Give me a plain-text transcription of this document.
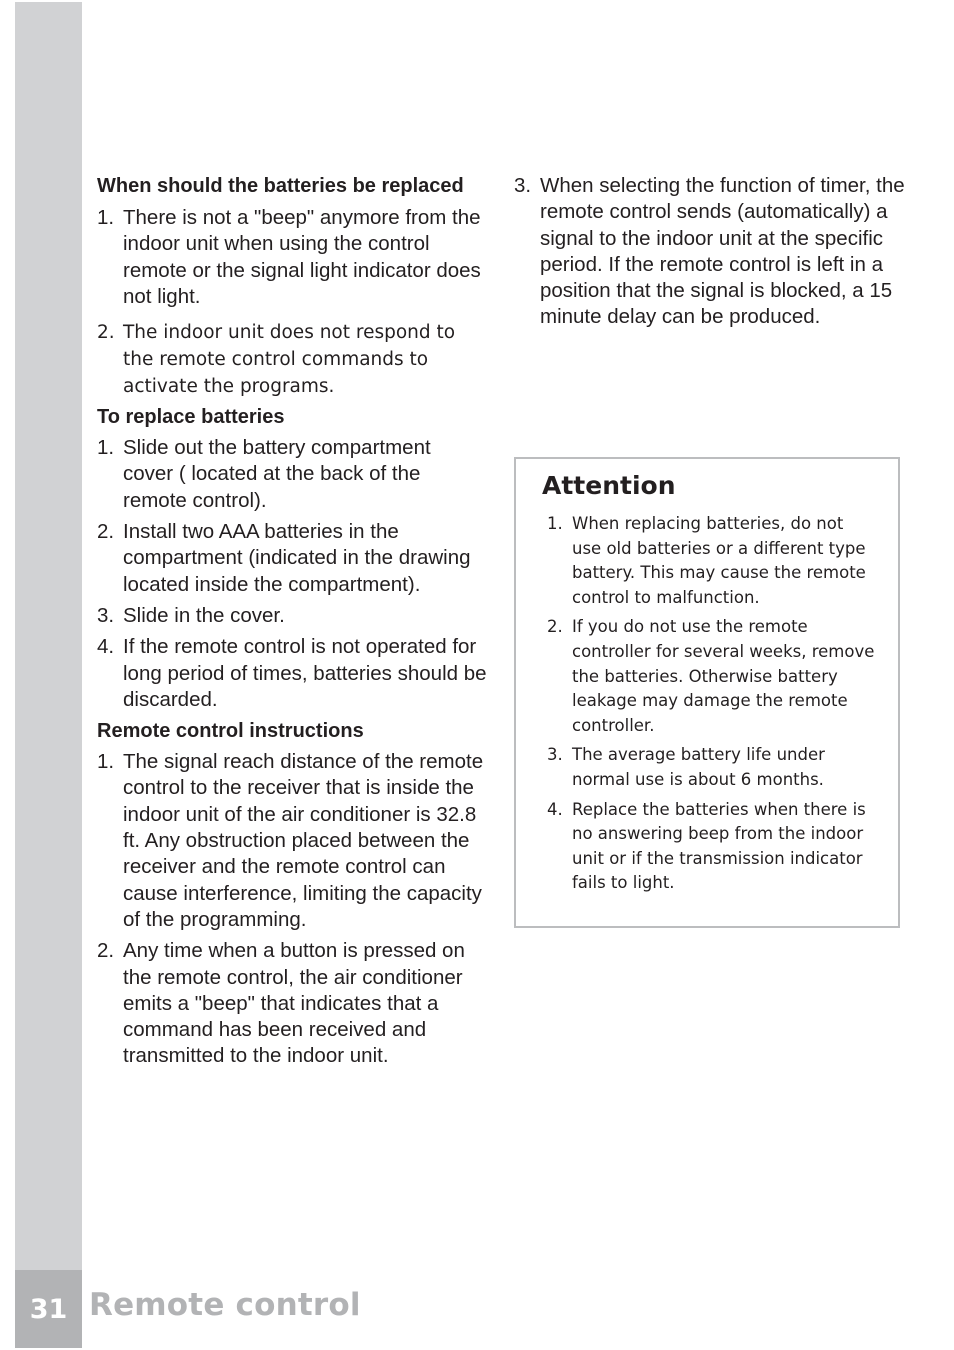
31 Remote control

When should the batteries be replaced

1. There is not a "beep" anymore from the indoor unit when using the control remote or the signal light indicator does not light.
2. The indoor unit does not respond to the remote control commands to activate the programs.

To replace batteries

1. Slide out the battery compartment cover ( located at the back of the remote control).
2. Install two AAA batteries in the compartment (indicated in the drawing located inside the compartment).
3. Slide in the cover.
4. If the remote control is not operated for long period of times, batteries should be discarded.

Remote control instructions

1. The signal reach distance of the remote control to the receiver that is inside the indoor unit of the air conditioner is 32.8 ft. Any obstruction placed between the receiver and the remote control can cause interference, limiting the capacity of the programming.
2. Any time when a button is pressed on the remote control, the air conditioner emits a "beep" that indicates that a command has been received and transmitted to the indoor unit.
3. When selecting the function of timer, the remote control sends (automatically) a signal to the indoor unit at the specific period. If the remote control is left in a position that the signal is blocked, a 15 minute delay can be produced.
Attention
1. When replacing batteries, do not use old batteries or a different type battery. This may cause the remote control to malfunction.
2. If you do not use the remote controller for several weeks, remove the batteries. Otherwise battery leakage may damage the remote controller.
3. The average battery life under normal use is about 6 months.
4. Replace the batteries when there is no answering beep from the indoor unit or if the transmission indicator fails to light.
